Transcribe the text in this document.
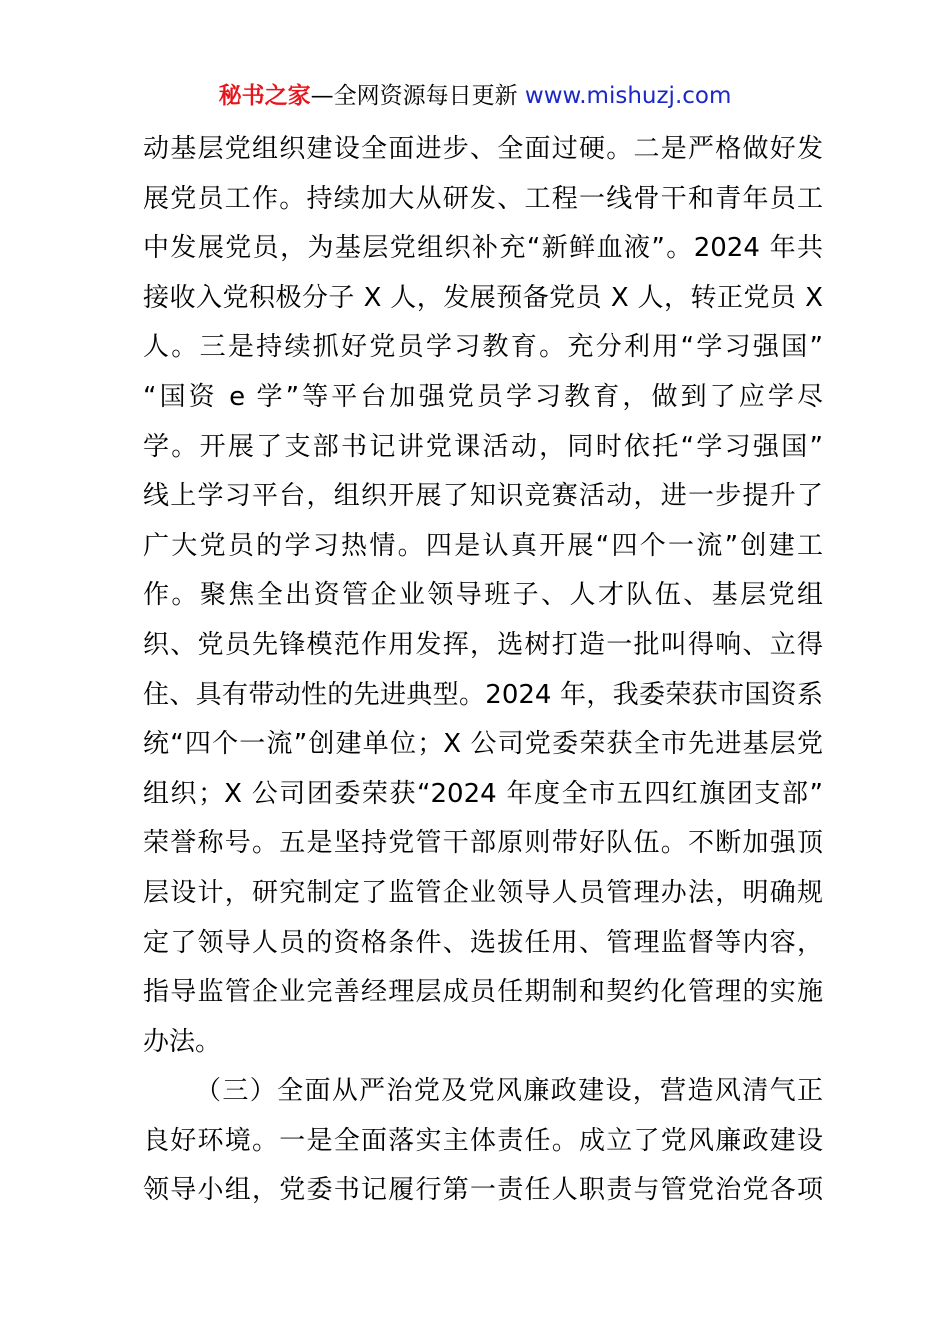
秘书之家—全网资源每日更新 www.mishuzj.com
动基层党组织建设全面进步、全面过硬。二是严格做好发
展党员工作。持续加大从研发、工程一线骨干和青年员工
中发展党员，为基层党组织补充“新鲜血液”。2024 年共
接收入党积极分子 X 人，发展预备党员 X 人，转正党员 X
人。三是持续抓好党员学习教育。充分利用“学习强国”
“国资 e 学”等平台加强党员学习教育，做到了应学尽
学。开展了支部书记讲党课活动，同时依托“学习强国”
线上学习平台，组织开展了知识竞赛活动，进一步提升了
广大党员的学习热情。四是认真开展“四个一流”创建工
作。聚焦全出资管企业领导班子、人才队伍、基层党组
织、党员先锋模范作用发挥，选树打造一批叫得响、立得
住、具有带动性的先进典型。2024 年，我委荣获市国资系
统“四个一流”创建单位；X 公司党委荣获全市先进基层党
组织；X 公司团委荣获“2024 年度全市五四红旗团支部”
荣誉称号。五是坚持党管干部原则带好队伍。不断加强顶
层设计，研究制定了监管企业领导人员管理办法，明确规
定了领导人员的资格条件、选拔任用、管理监督等内容，
指导监管企业完善经理层成员任期制和契约化管理的实施
办法。
（三）全面从严治党及党风廉政建设，营造风清气正
良好环境。一是全面落实主体责任。成立了党风廉政建设
领导小组，党委书记履行第一责任人职责与管党治党各项
